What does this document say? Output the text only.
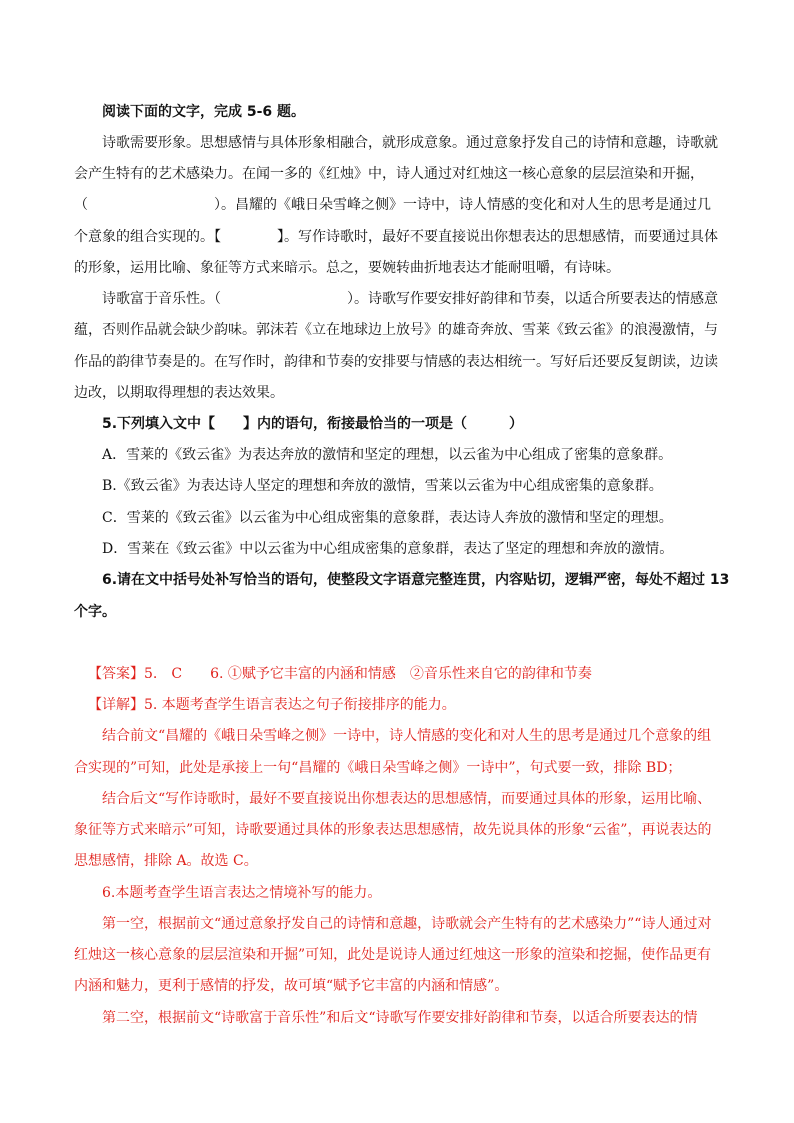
阅读下面的文字，完成 5-6 题。
诗歌需要形象。思想感情与具体形象相融合，就形成意象。通过意象抒发自己的诗情和意趣，诗歌就
会产生特有的艺术感染力。在闻一多的《红烛》中，诗人通过对红烛这一核心意象的层层渲染和开掘，
（　　　　　　　　　）。昌耀的《峨日朵雪峰之侧》一诗中，诗人情感的变化和对人生的思考是通过几
个意象的组合实现的。【　　　　】。写作诗歌时，最好不要直接说出你想表达的思想感情，而要通过具体
的形象，运用比喻、象征等方式来暗示。总之，要婉转曲折地表达才能耐咀嚼，有诗味。
诗歌富于音乐性。（　　　　　　　　　）。诗歌写作要安排好韵律和节奏，以适合所要表达的情感意
蕴，否则作品就会缺少韵味。郭沫若《立在地球边上放号》的雄奇奔放、雪莱《致云雀》的浪漫激情，与
作品的韵律节奏是的。在写作时，韵律和节奏的安排要与情感的表达相统一。写好后还要反复朗读，边读
边改，以期取得理想的表达效果。
5.下列填入文中【　　】内的语句，衔接最恰当的一项是（　　　）
A．雪莱的《致云雀》为表达奔放的激情和坚定的理想，以云雀为中心组成了密集的意象群。
B.《致云雀》为表达诗人坚定的理想和奔放的激情，雪莱以云雀为中心组成密集的意象群。
C．雪莱的《致云雀》以云雀为中心组成密集的意象群，表达诗人奔放的激情和坚定的理想。
D．雪莱在《致云雀》中以云雀为中心组成密集的意象群，表达了坚定的理想和奔放的激情。
6.请在文中括号处补写恰当的语句，使整段文字语意完整连贯，内容贴切，逻辑严密，每处不超过 13
个字。
【答案】5.　C　　6. ①赋予它丰富的内涵和情感　②音乐性来自它的韵律和节奏
【详解】5. 本题考查学生语言表达之句子衔接排序的能力。
结合前文“昌耀的《峨日朵雪峰之侧》一诗中，诗人情感的变化和对人生的思考是通过几个意象的组
合实现的”可知，此处是承接上一句“昌耀的《峨日朵雪峰之侧》一诗中”，句式要一致，排除 BD；
结合后文“写作诗歌时，最好不要直接说出你想表达的思想感情，而要通过具体的形象，运用比喻、
象征等方式来暗示”可知，诗歌要通过具体的形象表达思想感情，故先说具体的形象“云雀”，再说表达的
思想感情，排除 A。故选 C。
6.本题考查学生语言表达之情境补写的能力。
第一空，根据前文“通过意象抒发自己的诗情和意趣，诗歌就会产生特有的艺术感染力”“诗人通过对
红烛这一核心意象的层层渲染和开掘”可知，此处是说诗人通过红烛这一形象的渲染和挖掘，使作品更有
内涵和魅力，更利于感情的抒发，故可填“赋予它丰富的内涵和情感”。
第二空，根据前文“诗歌富于音乐性”和后文“诗歌写作要安排好韵律和节奏，以适合所要表达的情
